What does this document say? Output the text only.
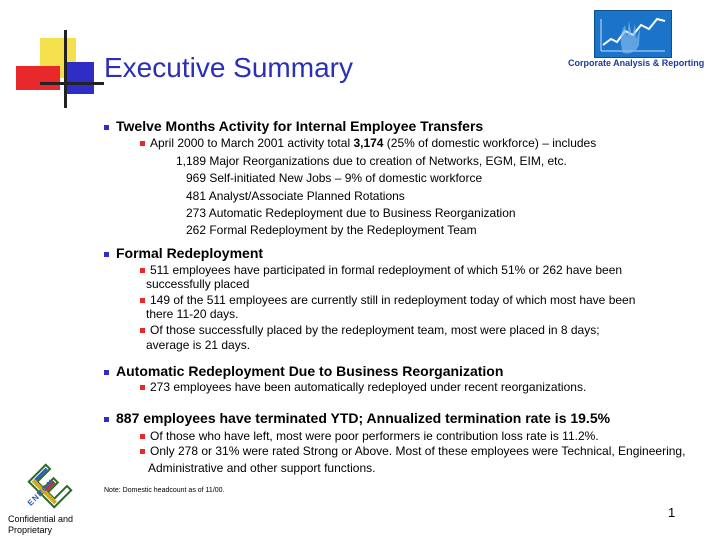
Executive Summary	Corporate Analysis & Reporting
Twelve Months Activity for Internal Employee Transfers
April 2000 to March 2001 activity total 3,174 (25% of domestic workforce) – includes
1,189 Major Reorganizations due to creation of Networks, EGM, EIM, etc.
969 Self-initiated New Jobs – 9% of domestic workforce
481 Analyst/Associate Planned Rotations
273 Automatic Redeployment due to Business Reorganization
262 Formal Redeployment by the Redeployment Team
Formal Redeployment
511 employees have participated in formal redeployment of which 51% or 262 have been
successfully placed
149 of the 511 employees are currently still in redeployment today of which most have been
there 11-20 days.
Of those successfully placed by the redeployment team, most were placed in 8 days;
average is 21 days.
Automatic Redeployment Due to Business Reorganization
273 employees have been automatically redeployed under recent reorganizations.
887 employees have terminated YTD; Annualized termination rate is 19.5%
Of those who have left, most were poor performers ie contribution loss rate is 11.2%.
Only 278 or 31% were rated Strong or Above. Most of these employees were Technical, Engineering,
Administrative and other support functions.
Note: Domestic headcount as of 11/00.
ENRON
Confidential and
Proprietary
1
